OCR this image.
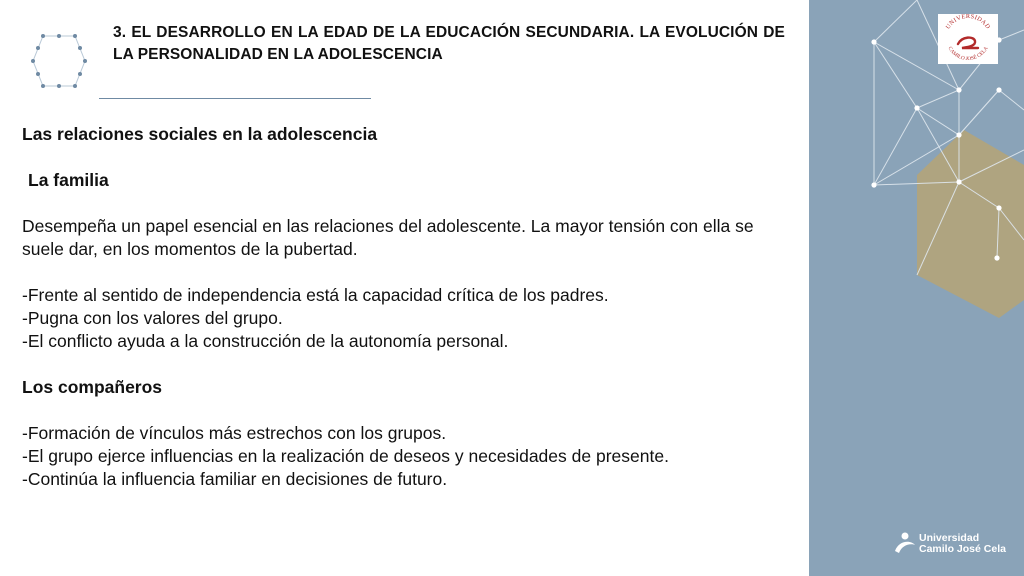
3. EL DESARROLLO EN LA EDAD DE LA EDUCACIÓN SECUNDARIA. LA EVOLUCIÓN DE LA PERSONALIDAD EN LA ADOLESCENCIA

Las relaciones sociales en la adolescencia

La familia

Desempeña un papel esencial en las relaciones del adolescente. La mayor tensión con ella se suele dar, en los momentos de la pubertad.

-Frente al sentido de independencia está la capacidad crítica de los padres.

-Pugna con los valores del grupo.

-El conflicto ayuda a la construcción de la autonomía personal.

Los compañeros

-Formación de vínculos más estrechos con los grupos.

-El grupo ejerce influencias en la realización de deseos y necesidades de presente.

-Continúa la influencia familiar en decisiones de futuro.

UNIVERSIDAD
CAMILO JOSÉ CELA
Universidad
Camilo José Cela
